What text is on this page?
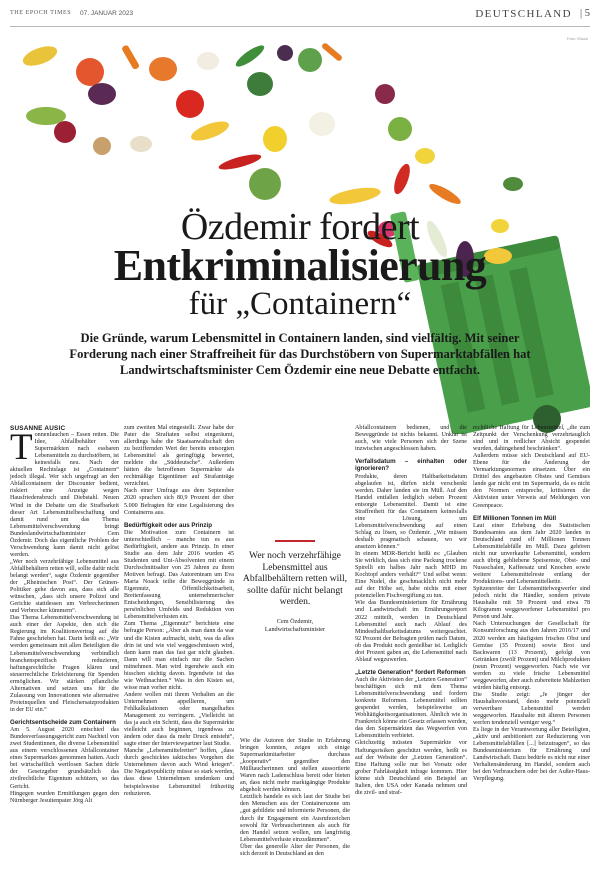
THE EPOCH TIMES 07. JANUAR 2023	DEUTSCHLAND | 5
Foto: iStock
Özdemir fordert
Entkriminalisierung
für „Containern“

Die Gründe, warum Lebensmittel in Containern landen, sind vielfältig. Mit seiner Forderung nach einer Straffreiheit für das Durchstöbern von Supermarktabfällen hat Landwirtschaftsminister Cem Özdemir eine neue Debatte entfacht.

SUSANNE AUSIC

Tonnenfauchen – Essen retten. Die Idee, Abfallbehälter von Supermärkten nach essbaren Lebensmitteln zu durchstöbern, ist keinesfalls neu. Nach der aktuellen Rechtslage ist „Containern“ jedoch illegal. Wer sich ungefragt an den Abfallcontainern der Discounter bedient, riskiert eine Anzeige wegen Hausfriedensbruch und Diebstahl. Neuen Wind in die Debatte um die Strafbarkeit dieser Art Lebensmittelbeschaffung und damit rund um das Thema Lebensmittelverschwendung bringt Bundeslandwirtschaftsminister Cem Özdemir. Doch das eigentliche Problem der Verschwendung kann damit nicht gelöst werden.

„Wer noch verzehrfähige Lebensmittel aus Abfallbehältern retten will, sollte dafür nicht belangt werden“, sagte Özdemir gegenüber der „Rheinischen Post“. Der Grünen-Politiker gehe davon aus, dass sich alle wünschen, „dass sich unsere Polizei und Gerichte stattdessen um Verbrecherinnen und Verbrecher kümmern“.

Das Thema Lebensmittelverschwendung ist auch einer der Aspekte, den sich die Regierung im Koalitionsvertrag auf die Fahne geschrieben hat. Darin heißt es: „Wir werden gemeinsam mit allen Beteiligten die Lebensmittelverschwendung verbindlich branchenspezifisch reduzieren, haftungsrechtliche Fragen klären und steuerrechtliche Erleichterung für Spenden ermöglichen. Wir stärken pflanzliche Alternativen und setzen uns für die Zulassung von Innovationen wie alternative Proteinquellen und Fleischersatzprodukten in der EU ein.“

Gerichtsentscheide zum Containern

Am 5. August 2020 entschied das Bundesverfassungsgericht zum Nachteil von zwei Studentinnen, die diverse Lebensmittel aus einem verschlossenen Abfallcontainer eines Supermarktes genommen hatten. Auch bei wirtschaftlich wertlosen Sachen dürfe der Gesetzgeber grundsätzlich das zivilrechtliche Eigentum schützen, so das Gericht.

Hingegen wurden Ermittlungen gegen den Nürnberger Jesuitenpater Jörg Alt

zum zweiten Mal eingestellt. Zwar habe der Pater die Straftaten selbst eingeräumt, allerdings habe die Staatsanwaltschaft den zu beziffernden Wert der bereits entsorgten Lebensmittel als geringfügig bewertet, meldete die „Süddeutsche“. Außerdem hätten die betroffenen Supermärkte als rechtmäßige Eigentümer auf Strafanträge verzichtet.

Nach einer Umfrage aus dem September 2020 sprachen sich 80,9 Prozent der über 5.000 Befragten für eine Legalisierung des Containerns aus.

Bedürftigkeit oder aus Prinzip

Die Motivation zum Containern ist unterschiedlich – manche tun es aus Bedürftigkeit, andere aus Prinzip. In einer Studie aus dem Jahr 2016 wurden 45 Studenten und Uni-Absolventen mit einem Durchschnittsalter von 25 Jahren zu ihren Motiven befragt. Das Autorenteam um Eva Maria Noack teilte die Beweggründe in Eigennutz, Öffentlichkeitsarbeit, Breitenfassung unternehmerischer Entscheidungen, Sensibilisierung des persönlichen Umfelds und Reduktion von Lebensmittelverlusten ein.

Zum Thema „Eigennutz“ berichtete eine befragte Person: „Aber als man dann da war und die Kisten aufmacht, sieht, was da alles drin ist und wie viel weggeschmissen wird, dann kann man das fast gar nicht glauben. Dann will man einfach nur die Sachen mitnehmen. Man wird irgendwie auch ein bisschen süchtig davon. Irgendwie ist das wie Weihnachten.“ Was in den Kisten sei, wisse man vorher nicht.

Andere wollen mit ihrem Verhalten an die Unternehmen appellieren, um Fehlkalkulationen oder mangelhaftes Management zu verringern. „Vielleicht ist das ja auch ein Schritt, dass die Supermärkte vielleicht auch beginnen, irgendwas zu ändern oder dass da mehr Druck entsteht“, sagte einer der Interviewpartner laut Studie.

Manche „Lebensmittelretter“ hoffen, „dass durch geschicktes taktisches Vorgehen die Unternehmen davon auch Wind kriegen“. Die Negativpublicity müsse so stark werden, dass diese Unternehmen umdenken und beispielsweise Lebensmittel frühzeitig reduzieren.

Wer noch verzehrfähige Lebensmittel aus Abfallbehältern retten will, sollte dafür nicht belangt werden.

Cem Özdemir,
Landwirtschaftsminister

Wie die Autoren der Studie in Erfahrung bringen konnten, zeigen sich einige Supermarktmitarbeiter durchaus „kooperativ“ gegenüber den Mülltaucherinnen und stellen aussortierte Waren nach Ladenschluss bereit oder bieten an, dass nicht mehr marktgängige Produkte abgeholt werden können.

Letztlich handele es sich laut der Studie bei den Menschen aus der Containerszene um „gut gebildete und informierte Personen, die durch ihr Engagement ein Ausrufezeichen sowohl für Verbraucherinnen als auch für den Handel setzen wollen, um langfristig Lebensmittelverluste einzudämmen“.

Über das generelle Alter der Personen, die sich derzeit in Deutschland an den

Abfallcontainern bedienen, und die Beweggründe ist nichts bekannt. Unklar ist auch, wie viele Personen sich der Szene inzwischen angeschlossen haben.

Verfallsdatum – einhalten oder ignorieren?

Produkte, deren Haltbarkeitsdatum abgelaufen ist, dürfen nicht verschenkt werden. Daher landen sie im Müll. Auf den Handel entfallen lediglich sieben Prozent entsorgte Lebensmittel. Damit ist eine Straffreiheit für das Containern keinesfalls eine Lösung, um Lebensmittelverschwendung auf einen Schlag zu lösen, so Özdemir. „Wir müssen deshalb pragmatisch schauen, wo wir ansetzen können.“

In einem MDR-Bericht heißt es: „Glauben Sie wirklich, dass sich eine Packung trockene Spirelli ein halbes Jahr nach MHD im Kochtopf anders verhält?“ Und selbst wenn: Eine Nudel, die geschmacklich nicht mehr auf der Höhe sei, habe nichts mit einer potenziellen Fischvergiftung zu tun.

Wie das Bundesministerium für Ernährung und Landwirtschaft im Ernährungsreport 2022 mitteilt, werden in Deutschland Lebensmittel auch nach Ablauf des Mindesthaltbarkeitsdatums weitergeachtet. 92 Prozent der Befragten prüfen nach Datum, ob das Produkt noch genießbar ist. Lediglich drei Prozent gaben an, die Lebensmittel nach Ablauf wegzuwerfen.

„Letzte Generation“ fordert Reformen

Auch die Aktivisten der „Letzten Generation“ beschäftigen sich mit dem Thema Lebensmittelverschwendung und fordern konkrete Reformen. Lebensmittel sollten gespendet werden, beispielsweise an Wohltätigkeitsorganisationen. Ähnlich wie in Frankreich könne ein Gesetz erlassen werden, das den Supermärkten das Wegwerfen von Lebensmitteln verbietet.

Gleichzeitig müssten Supermärkte vor Haftungsrisiken geschützt werden, heißt es auf der Website der „Letzten Generation“. Eine Haftung solle nur bei Vorsatz oder grober Fahrlässigkeit infrage kommen. Hier könne sich Deutschland ein Beispiel an Italien, den USA oder Kanada nehmen und die zivil- und straf-

rechtliche Haftung für Lebensmittel, „die zum Zeitpunkt der Verschenkung verzehrtauglich sind und in redlicher Absicht gespendet wurden, dahingehend beschränken“.

Außerdem müsse sich Deutschland auf EU-Ebene für die Änderung der Vermarktungsnormen einsetzen. Über ein Drittel des angebauten Obstes und Gemüses lande gar nicht erst im Supermarkt, da es nicht den Normen entspreche, kritisieren die Aktivisten unter Verweis auf Meldungen von Greenpeace.

Elf Millionen Tonnen im Müll

Laut einer Erhebung des Statistischen Bundesamtes aus dem Jahr 2020 landen in Deutschland rund elf Millionen Tonnen Lebensmittelabfälle im Müll. Dazu gehören nicht nur unverkaufte Lebensmittel, sondern auch übrig gebliebene Speisereste, Obst- und Nussschalen, Kaffeesatz und Knochen sowie weitere Lebensmittelreste entlang der Produktions- und Lebensmittelkette.

Spitzenreiter der Lebensmittelwegwerfer sind jedoch nicht die Händler, sondern private Haushalte mit 59 Prozent und etwa 78 Kilogramm weggeworfener Lebensmittel pro Person und Jahr.

Nach Untersuchungen der Gesellschaft für Konsumforschung aus den Jahren 2016/17 und 2020 werden am häufigsten frisches Obst und Gemüse (35 Prozent) sowie Brot und Backwaren (13 Prozent), gefolgt von Getränken (zwölf Prozent) und Milchprodukten (neun Prozent) weggeworfen. Nach wie vor werden zu viele frische Lebensmittel weggeworfen, aber auch zubereitete Mahlzeiten würden häufig entsorgt.

Die Studie zeigt: „Je jünger der Haushaltsvorstand, desto mehr potenziell verwertbare Lebensmittel werden weggeworfen. Haushalte mit älteren Personen werfen tendenziell weniger weg.“

Es liege in der Verantwortung aller Beteiligten, „aktiv und ambitioniert zur Reduzierung von Lebensmittelabfällen [...] beizutragen“, so das Bundesministerium für Ernährung und Landwirtschaft. Dazu bedürfe es nicht nur einer Verhaltensänderung im Handel, sondern auch bei den Verbrauchern oder bei der Außer-Haus-Verpflegung.
